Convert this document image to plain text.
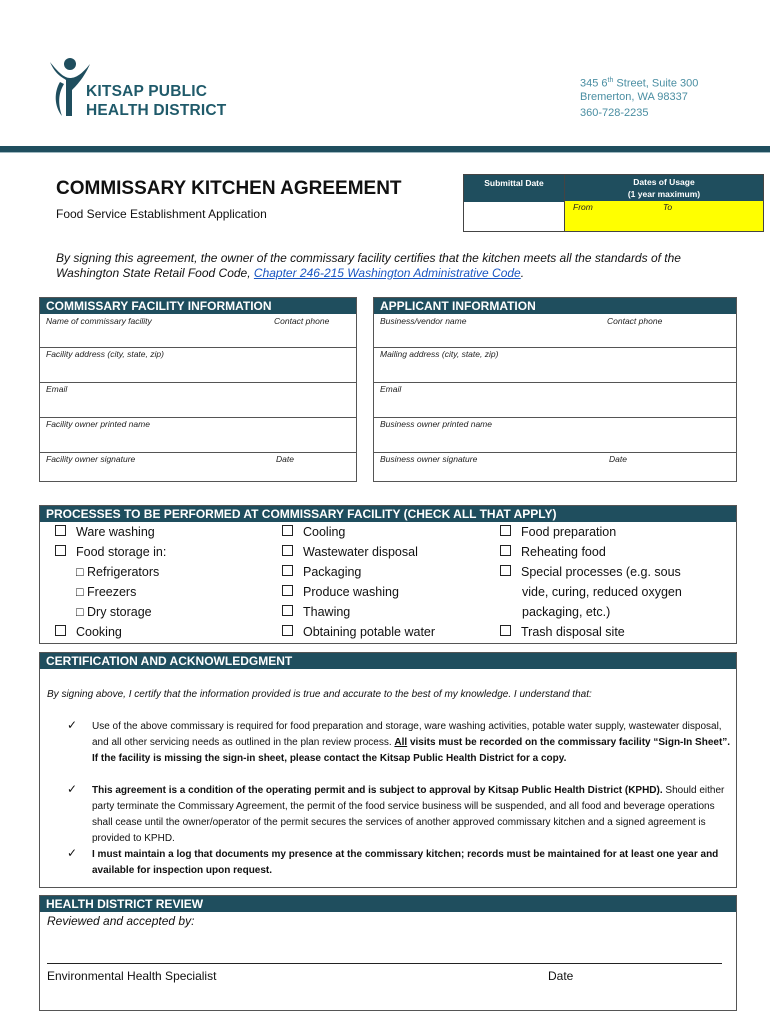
KITSAP PUBLIC
HEALTH DISTRICT
345 6th Street, Suite 300
Bremerton, WA 98337
360-728-2235
COMMISSARY KITCHEN AGREEMENT
Food Service Establishment Application
Submittal Date	Dates of Usage
(1 year maximum)
From	To
By signing this agreement, the owner of the commissary facility certifies that the kitchen meets all the standards of the Washington State Retail Food Code, Chapter 246-215 Washington Administrative Code.
COMMISSARY FACILITY INFORMATION
Name of commissary facility	Contact phone
Facility address (city, state, zip)
Email
Facility owner printed name
Facility owner signature	Date
APPLICANT INFORMATION
Business/vendor name	Contact phone
Mailing address (city, state, zip)
Email
Business owner printed name
Business owner signature	Date
PROCESSES TO BE PERFORMED AT COMMISSARY FACILITY (CHECK ALL THAT APPLY)
Ware washing
Food storage in:
□ Refrigerators
□ Freezers
□ Dry storage
Cooking
Cooling
Wastewater disposal
Packaging
Produce washing
Thawing
Obtaining potable water
Food preparation
Reheating food
Special processes (e.g. sous
vide, curing, reduced oxygen
packaging, etc.)
Trash disposal site
CERTIFICATION AND ACKNOWLEDGMENT
By signing above, I certify that the information provided is true and accurate to the best of my knowledge. I understand that:
✓ Use of the above commissary is required for food preparation and storage, ware washing activities, potable water supply, wastewater disposal, and all other servicing needs as outlined in the plan review process. All visits must be recorded on the commissary facility “Sign-In Sheet”. If the facility is missing the sign-in sheet, please contact the Kitsap Public Health District for a copy.
✓ This agreement is a condition of the operating permit and is subject to approval by Kitsap Public Health District (KPHD). Should either party terminate the Commissary Agreement, the permit of the food service business will be suspended, and all food and beverage operations shall cease until the owner/operator of the permit secures the services of another approved commissary kitchen and a signed agreement is provided to KPHD.
✓ I must maintain a log that documents my presence at the commissary kitchen; records must be maintained for at least one year and available for inspection upon request.
HEALTH DISTRICT REVIEW
Reviewed and accepted by:
Environmental Health Specialist	Date
